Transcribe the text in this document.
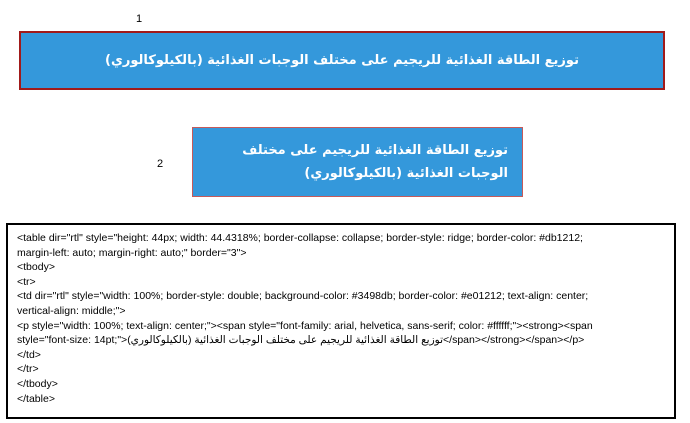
1
توزيع الطاقة الغذائية للريجيم على مختلف الوجبات الغذائية (بالكيلوكالوري)
2
توزيع الطاقة الغذائية للريجيم على مختلف الوجبات الغذائية (بالكيلوكالوري)
<table dir="rtl" style="height: 44px; width: 44.4318%; border-collapse: collapse; border-style: ridge; border-color: #db1212;
margin-left: auto; margin-right: auto;" border="3">
<tbody>
<tr>
<td dir="rtl" style="width: 100%; border-style: double; background-color: #3498db; border-color: #e01212; text-align: center;
vertical-align: middle;">
<p style="width: 100%; text-align: center;"><span style="font-family: arial, helvetica, sans-serif; color: #ffffff;"><strong><span
style="font-size: 14pt;">توزيع الطاقة الغذائية للريجيم على مختلف الوجبات الغذائية (بالكيلوكالوري)</span></strong></span></p>
</td>
</tr>
</tbody>
</table>
